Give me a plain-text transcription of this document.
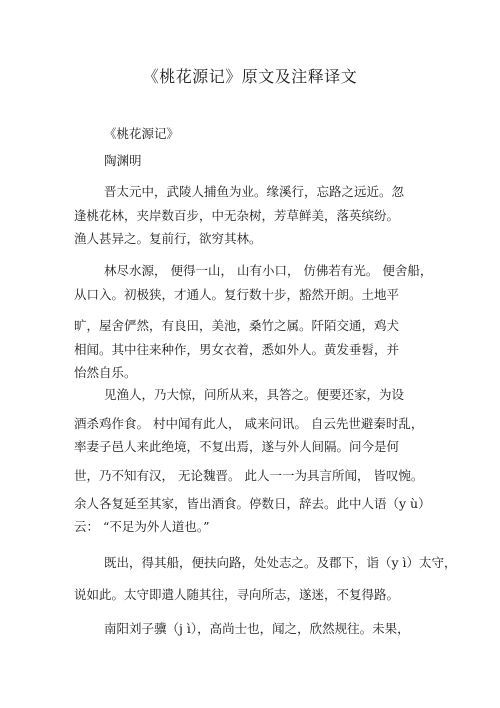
《桃花源记》原文及注释译文
《桃花源记》
陶渊明
晋太元中，武陵人捕鱼为业。缘溪行，忘路之远近。忽
逢桃花林，夹岸数百步，中无杂树，芳草鲜美，落英缤纷。
渔人甚异之。复前行，欲穷其林。
林尽水源， 便得一山， 山有小口， 仿佛若有光。 便舍船，
从口入。初极狭，才通人。复行数十步，豁然开朗。土地平
旷，屋舍俨然，有良田，美池，桑竹之属。阡陌交通，鸡犬
相闻。其中往来种作，男女衣着，悉如外人。黄发垂髫，并
怡然自乐。
见渔人，乃大惊，问所从来，具答之。便要还家，为设
酒杀鸡作食。 村中闻有此人， 咸来问讯。 自云先世避秦时乱，
率妻子邑人来此绝境，不复出焉，遂与外人间隔。问今是何
世，乃不知有汉， 无论魏晋。 此人一一为具言所闻， 皆叹惋。
余人各复延至其家，皆出酒食。停数日，辞去。此中人语（y ù）
云： “不足为外人道也。”
既出，得其船，便扶向路，处处志之。及郡下，诣（y ì）太守，
说如此。太守即遣人随其往，寻向所志，遂迷，不复得路。
南阳刘子骥（j ì），高尚士也，闻之，欣然规往。未果，
